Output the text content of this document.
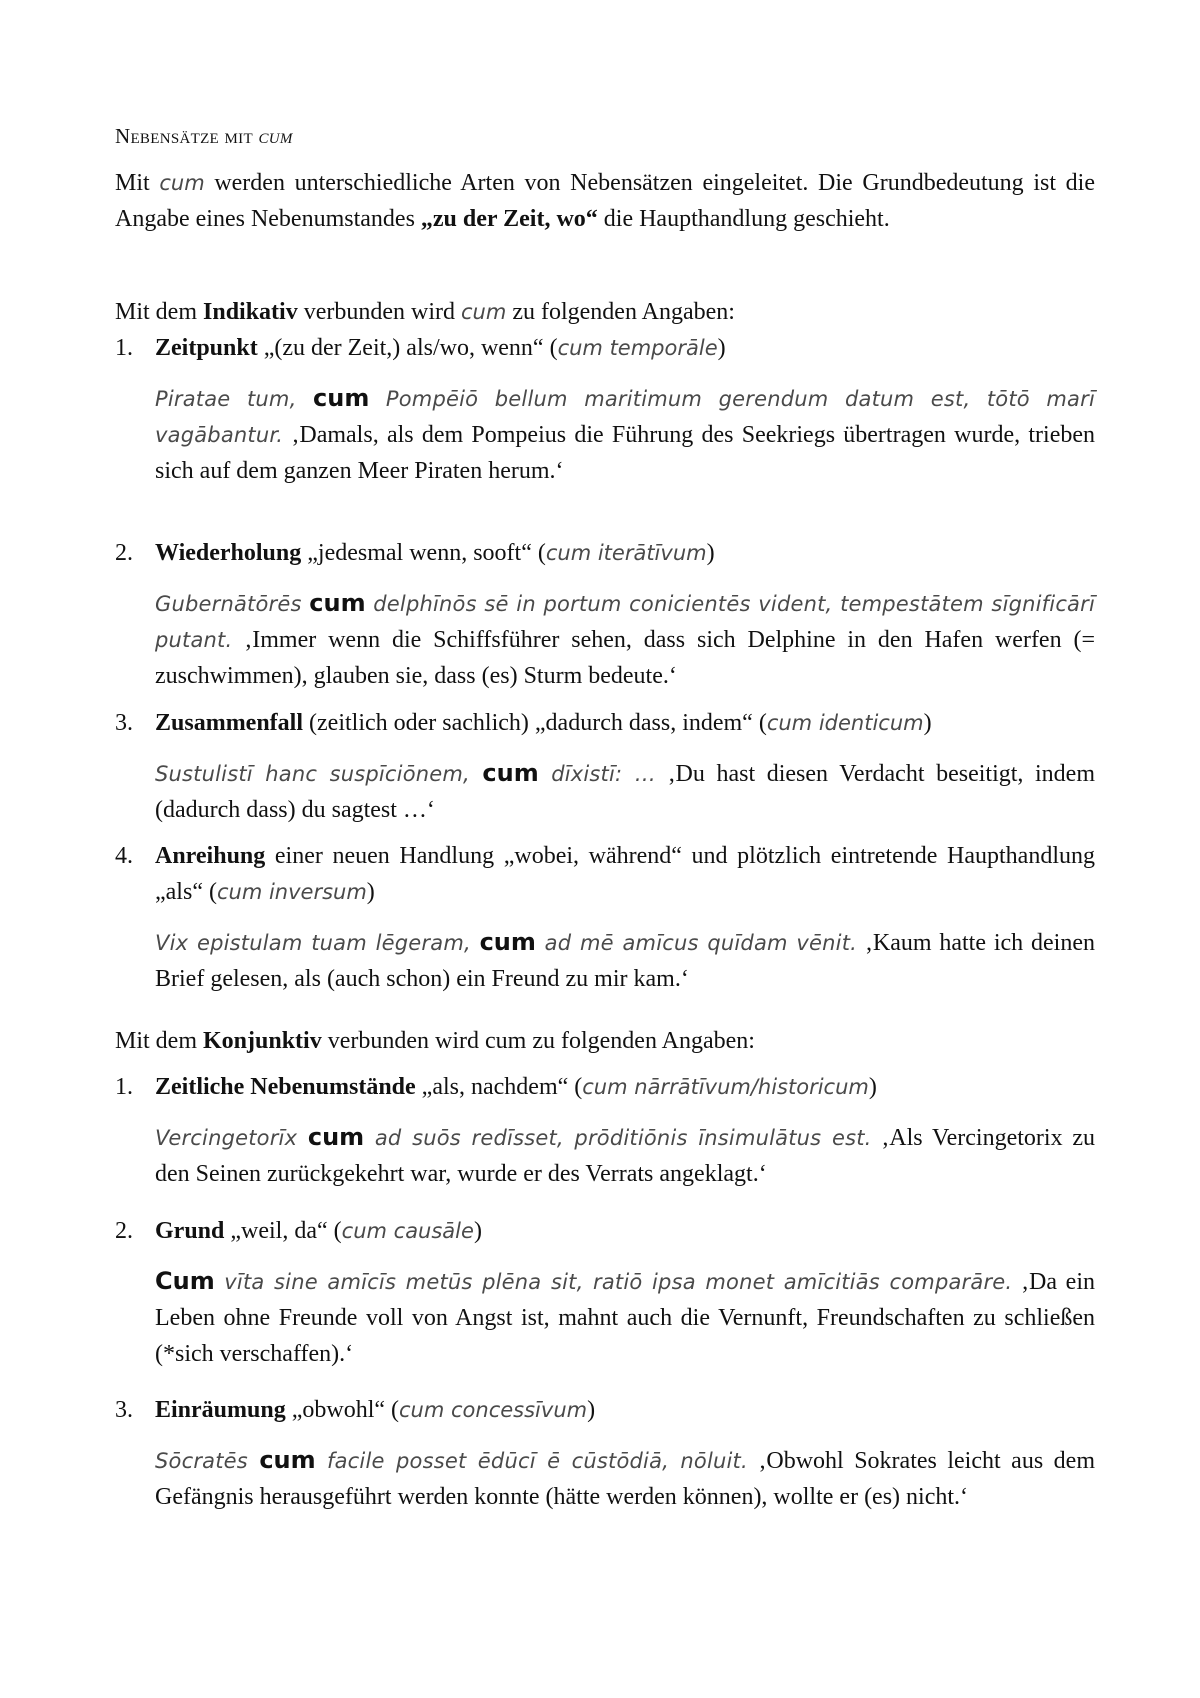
Nebensätze mit cum

Mit cum werden unterschiedliche Arten von Nebensätzen eingeleitet. Die Grundbedeutung ist die Angabe eines Nebenumstandes „zu der Zeit, wo“ die Haupthandlung geschieht.

Mit dem Indikativ verbunden wird cum zu folgenden Angaben:

1. Zeitpunkt „(zu der Zeit,) als/wo, wenn“ (cum temporāle)

Piratae tum, cum Pompēiō bellum maritimum gerendum datum est, tōtō marī vagābantur. ‚Damals, als dem Pompeius die Führung des Seekriegs übertragen wurde, trieben sich auf dem ganzen Meer Piraten herum.‘

2. Wiederholung „jedesmal wenn, sooft“ (cum iterātīvum)

Gubernātōrēs cum delphīnōs sē in portum conicientēs vident, tempestātem sīgnificārī putant. ‚Immer wenn die Schiffsführer sehen, dass sich Delphine in den Hafen werfen (= zuschwimmen), glauben sie, dass (es) Sturm bedeute.‘

3. Zusammenfall (zeitlich oder sachlich) „dadurch dass, indem“ (cum identicum)

Sustulistī hanc suspīciōnem, cum dīxistī: … ‚Du hast diesen Verdacht beseitigt, indem (dadurch dass) du sagtest …‘

4. Anreihung einer neuen Handlung „wobei, während“ und plötzlich eintretende Haupthandlung „als“ (cum inversum)

Vix epistulam tuam lēgeram, cum ad mē amīcus quīdam vēnit. ‚Kaum hatte ich deinen Brief gelesen, als (auch schon) ein Freund zu mir kam.‘

Mit dem Konjunktiv verbunden wird cum zu folgenden Angaben:

1. Zeitliche Nebenumstände „als, nachdem“ (cum nārrātīvum/historicum)

Vercingetorīx cum ad suōs redīsset, prōditiōnis īnsimulātus est. ‚Als Vercingetorix zu den Seinen zurückgekehrt war, wurde er des Verrats angeklagt.‘

2. Grund „weil, da“ (cum causāle)

Cum vīta sine amīcīs metūs plēna sit, ratiō ipsa monet amīcitiās comparāre. ‚Da ein Leben ohne Freunde voll von Angst ist, mahnt auch die Vernunft, Freundschaften zu schließen (*sich verschaffen).‘

3. Einräumung „obwohl“ (cum concessīvum)

Sōcratēs cum facile posset ēdūcī ē cūstōdiā, nōluit. ‚Obwohl Sokrates leicht aus dem Gefängnis herausgeführt werden konnte (hätte werden können), wollte er (es) nicht.‘
